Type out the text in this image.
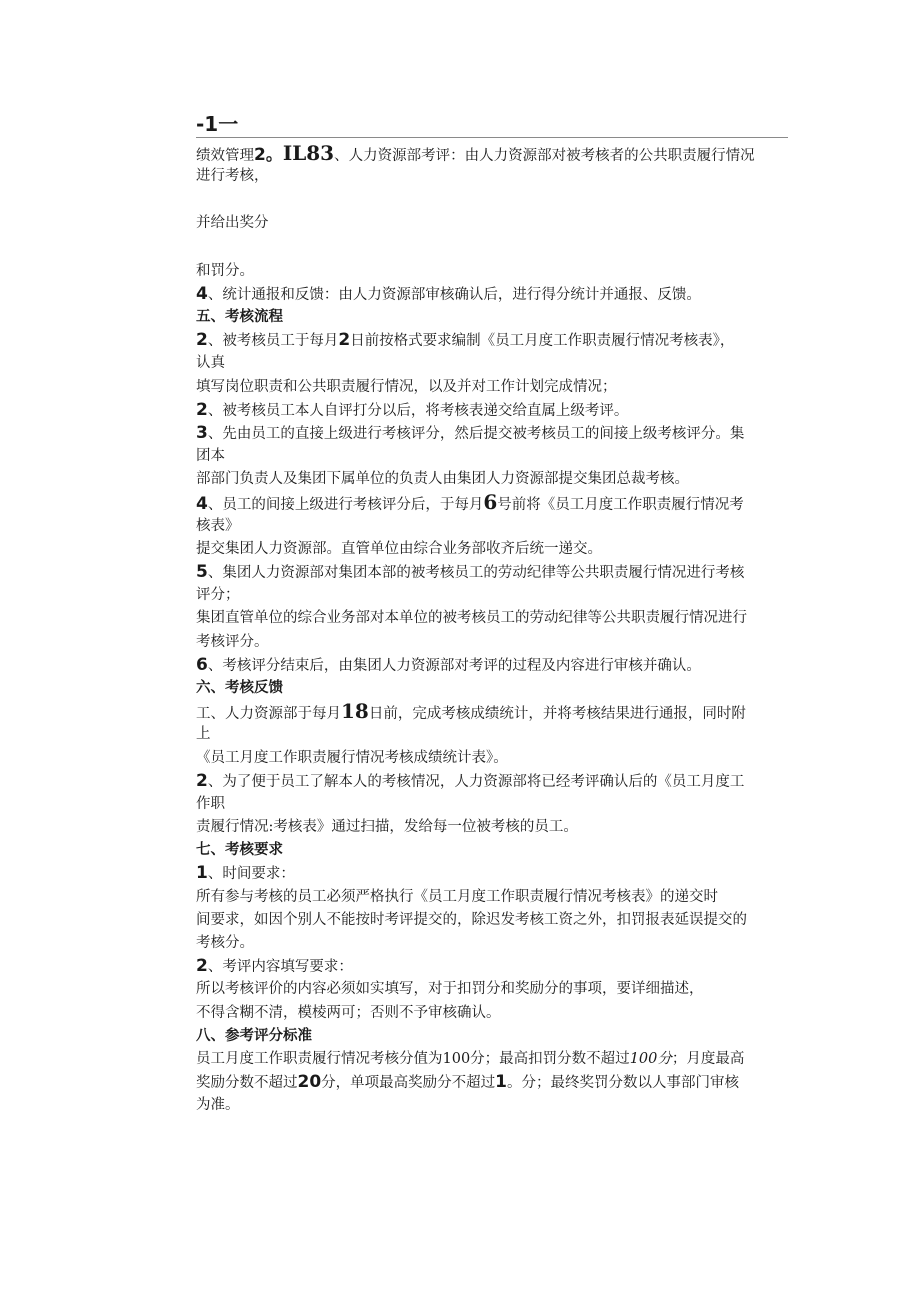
-1一

绩效管理2。IL83、人力资源部考评：由人力资源部对被考核者的公共职责履行情况

进行考核，

并给出奖分

和罚分。

4、统计通报和反馈：由人力资源部审核确认后，进行得分统计并通报、反馈。

五、考核流程

2、被考核员工于每月2日前按格式要求编制《员工月度工作职责履行情况考核表》，

认真

填写岗位职责和公共职责履行情况，以及并对工作计划完成情况；

2、被考核员工本人自评打分以后，将考核表递交给直属上级考评。

3、先由员工的直接上级进行考核评分，然后提交被考核员工的间接上级考核评分。集

团本

部部门负责人及集团下属单位的负责人由集团人力资源部提交集团总裁考核。

4、员工的间接上级进行考核评分后，于每月6号前将《员工月度工作职责履行情况考

核表》

提交集团人力资源部。直管单位由综合业务部收齐后统一递交。

5、集团人力资源部对集团本部的被考核员工的劳动纪律等公共职责履行情况进行考核

评分；

集团直管单位的综合业务部对本单位的被考核员工的劳动纪律等公共职责履行情况进行

考核评分。

6、考核评分结束后，由集团人力资源部对考评的过程及内容进行审核并确认。

六、考核反馈

工、人力资源部于每月18日前，完成考核成绩统计，并将考核结果进行通报，同时附

上

《员工月度工作职责履行情况考核成绩统计表》。

2、为了便于员工了解本人的考核情况，人力资源部将已经考评确认后的《员工月度工

作职

责履行情况:考核表》通过扫描，发给每一位被考核的员工。

七、考核要求

1、时间要求：

所有参与考核的员工必须严格执行《员工月度工作职责履行情况考核表》的递交时

间要求，如因个别人不能按时考评提交的，除迟发考核工资之外，扣罚报表延误提交的

考核分。

2、考评内容填写要求：

所以考核评价的内容必须如实填写，对于扣罚分和奖励分的事项，要详细描述，

不得含糊不清，模棱两可；否则不予审核确认。

八、参考评分标准

员工月度工作职责履行情况考核分值为100分；最高扣罚分数不超过100分；月度最高

奖励分数不超过20分，单项最高奖励分不超过1。分；最终奖罚分数以人事部门审核

为准。
